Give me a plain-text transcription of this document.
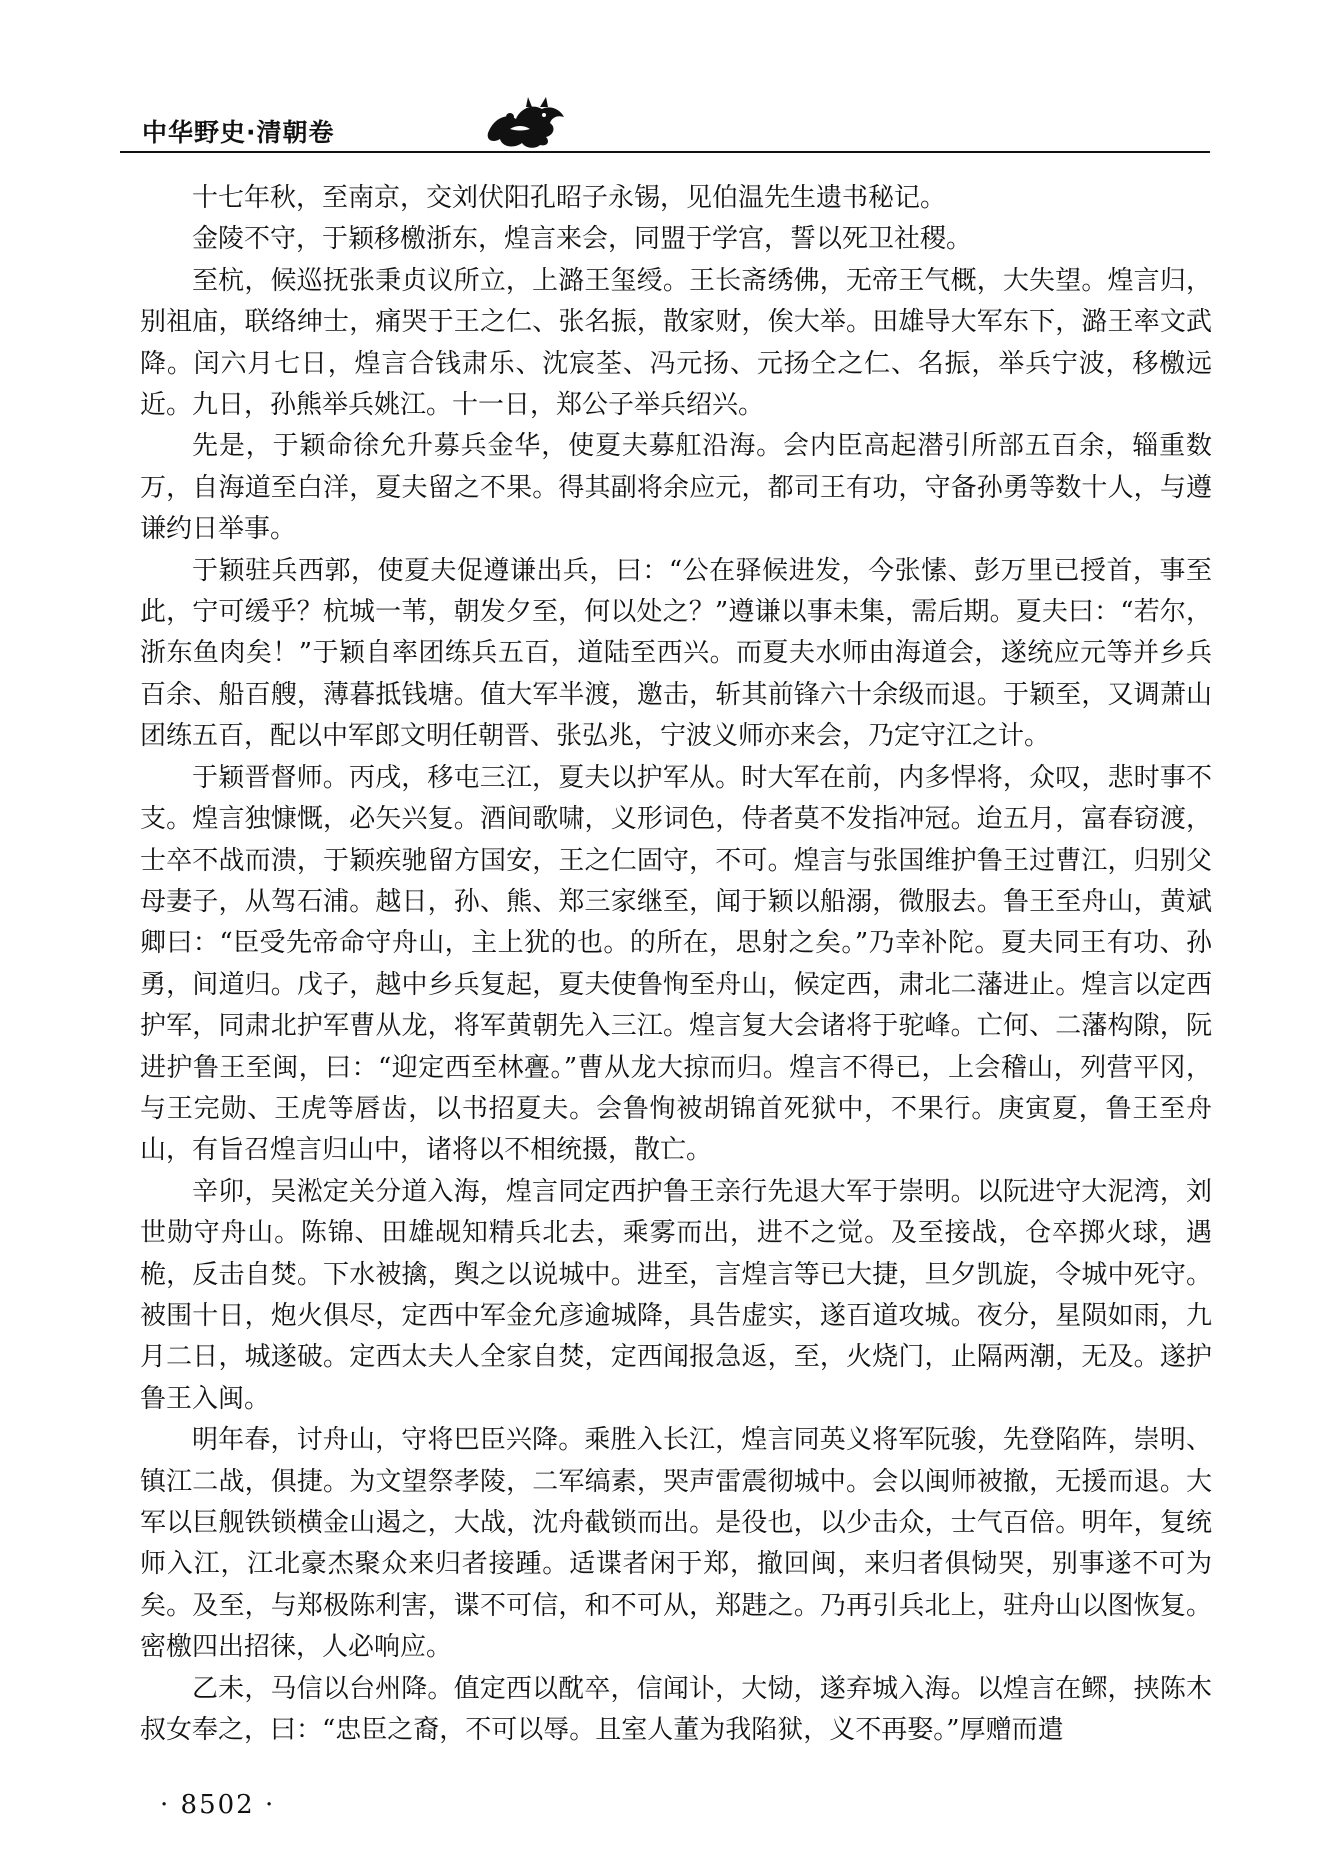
中华野史·清朝卷

十七年秋，至南京，交刘伏阳孔昭子永锡，见伯温先生遗书秘记。

金陵不守，于颖移檄浙东，煌言来会，同盟于学宫，誓以死卫社稷。

至杭，候巡抚张秉贞议所立，上潞王玺绶。王长斋绣佛，无帝王气概，大失望。煌言归，别祖庙，联络绅士，痛哭于王之仁、张名振，散家财，俟大举。田雄导大军东下，潞王率文武降。闰六月七日，煌言合钱肃乐、沈宸荃、冯元扬、元扬仝之仁、名振，举兵宁波，移檄远近。九日，孙熊举兵姚江。十一日，郑公子举兵绍兴。

先是，于颖命徐允升募兵金华，使夏夫募舡沿海。会内臣高起潜引所部五百余，辎重数万，自海道至白洋，夏夫留之不果。得其副将余应元，都司王有功，守备孙勇等数十人，与遵谦约日举事。

于颖驻兵西郭，使夏夫促遵谦出兵，曰：“公在驿候进发，今张愫、彭万里已授首，事至此，宁可缓乎？杭城一苇，朝发夕至，何以处之？”遵谦以事未集，需后期。夏夫曰：“若尔，浙东鱼肉矣！”于颖自率团练兵五百，道陆至西兴。而夏夫水师由海道会，遂统应元等并乡兵百余、船百艘，薄暮抵钱塘。值大军半渡，邀击，斩其前锋六十余级而退。于颖至，又调萧山团练五百，配以中军郎文明任朝晋、张弘兆，宁波义师亦来会，乃定守江之计。

于颖晋督师。丙戌，移屯三江，夏夫以护军从。时大军在前，内多悍将，众叹，悲时事不支。煌言独慷慨，必矢兴复。酒间歌啸，义形词色，侍者莫不发指冲冠。迨五月，富春窃渡，士卒不战而溃，于颖疾驰留方国安，王之仁固守，不可。煌言与张国维护鲁王过曹江，归别父母妻子，从驾石浦。越日，孙、熊、郑三家继至，闻于颖以船溺，微服去。鲁王至舟山，黄斌卿曰：“臣受先帝命守舟山，主上犹的也。的所在，思射之矣。”乃幸补陀。夏夫同王有功、孙勇，间道归。戊子，越中乡兵复起，夏夫使鲁恂至舟山，候定西，肃北二藩进止。煌言以定西护军，同肃北护军曹从龙，将军黄朝先入三江。煌言复大会诸将于驼峰。亡何、二藩构隙，阮进护鲁王至闽，曰：“迎定西至林亹。”曹从龙大掠而归。煌言不得已，上会稽山，列营平冈，与王完勋、王虎等唇齿，以书招夏夫。会鲁恂被胡锦首死狱中，不果行。庚寅夏，鲁王至舟山，有旨召煌言归山中，诸将以不相统摄，散亡。

辛卯，吴淞定关分道入海，煌言同定西护鲁王亲行先退大军于崇明。以阮进守大泥湾，刘世勋守舟山。陈锦、田雄觇知精兵北去，乘雾而出，进不之觉。及至接战，仓卒掷火球，遇桅，反击自焚。下水被擒，舆之以说城中。进至，言煌言等已大捷，旦夕凯旋，令城中死守。被围十日，炮火俱尽，定西中军金允彦逾城降，具告虚实，遂百道攻城。夜分，星陨如雨，九月二日，城遂破。定西太夫人全家自焚，定西闻报急返，至，火烧门，止隔两潮，无及。遂护鲁王入闽。

明年春，讨舟山，守将巴臣兴降。乘胜入长江，煌言同英义将军阮骏，先登陷阵，崇明、镇江二战，俱捷。为文望祭孝陵，二军缟素，哭声雷震彻城中。会以闽师被撤，无援而退。大军以巨舰铁锁横金山遏之，大战，沈舟截锁而出。是役也，以少击众，士气百倍。明年，复统师入江，江北豪杰聚众来归者接踵。适谍者闲于郑，撤回闽，来归者俱恸哭，别事遂不可为矣。及至，与郑极陈利害，谍不可信，和不可从，郑韪之。乃再引兵北上，驻舟山以图恢复。密檄四出招徕，人必响应。

乙未，马信以台州降。值定西以酖卒，信闻讣，大恸，遂弃城入海。以煌言在鳏，挟陈木叔女奉之，曰：“忠臣之裔，不可以辱。且室人董为我陷狱，义不再娶。”厚赠而遣

· 8502 ·
